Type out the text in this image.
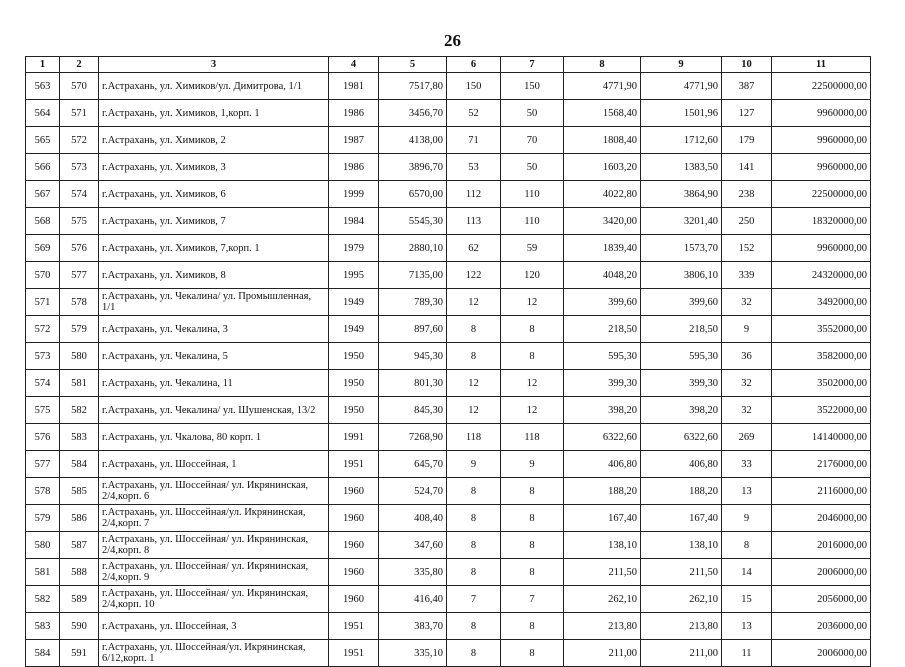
26
1	2	3	4	5	6	7	8	9	10	11
563	570	г.Астрахань, ул. Химиков/ул. Димитрова, 1/1	1981	7517,80	150	150	4771,90	4771,90	387	22500000,00
564	571	г.Астрахань, ул. Химиков, 1,корп. 1	1986	3456,70	52	50	1568,40	1501,96	127	9960000,00
565	572	г.Астрахань, ул. Химиков, 2	1987	4138,00	71	70	1808,40	1712,60	179	9960000,00
566	573	г.Астрахань, ул. Химиков, 3	1986	3896,70	53	50	1603,20	1383,50	141	9960000,00
567	574	г.Астрахань, ул. Химиков, 6	1999	6570,00	112	110	4022,80	3864,90	238	22500000,00
568	575	г.Астрахань, ул. Химиков, 7	1984	5545,30	113	110	3420,00	3201,40	250	18320000,00
569	576	г.Астрахань, ул. Химиков, 7,корп. 1	1979	2880,10	62	59	1839,40	1573,70	152	9960000,00
570	577	г.Астрахань, ул. Химиков, 8	1995	7135,00	122	120	4048,20	3806,10	339	24320000,00
571	578	г.Астрахань, ул. Чекалина/ ул. Промышленная, 1/1	1949	789,30	12	12	399,60	399,60	32	3492000,00
572	579	г.Астрахань, ул. Чекалина, 3	1949	897,60	8	8	218,50	218,50	9	3552000,00
573	580	г.Астрахань, ул. Чекалина, 5	1950	945,30	8	8	595,30	595,30	36	3582000,00
574	581	г.Астрахань, ул. Чекалина, 11	1950	801,30	12	12	399,30	399,30	32	3502000,00
575	582	г.Астрахань, ул. Чекалина/ ул. Шушенская, 13/2	1950	845,30	12	12	398,20	398,20	32	3522000,00
576	583	г.Астрахань, ул. Чкалова, 80 корп. 1	1991	7268,90	118	118	6322,60	6322,60	269	14140000,00
577	584	г.Астрахань, ул. Шоссейная, 1	1951	645,70	9	9	406,80	406,80	33	2176000,00
578	585	г.Астрахань, ул. Шоссейная/ ул. Икрянинская, 2/4,корп. 6	1960	524,70	8	8	188,20	188,20	13	2116000,00
579	586	г.Астрахань, ул. Шоссейная/ул. Икрянинская, 2/4,корп. 7	1960	408,40	8	8	167,40	167,40	9	2046000,00
580	587	г.Астрахань, ул. Шоссейная/ ул. Икрянинская, 2/4,корп. 8	1960	347,60	8	8	138,10	138,10	8	2016000,00
581	588	г.Астрахань, ул. Шоссейная/ ул. Икрянинская, 2/4,корп. 9	1960	335,80	8	8	211,50	211,50	14	2006000,00
582	589	г.Астрахань, ул. Шоссейная/ ул. Икрянинская, 2/4,корп. 10	1960	416,40	7	7	262,10	262,10	15	2056000,00
583	590	г.Астрахань, ул. Шоссейная, 3	1951	383,70	8	8	213,80	213,80	13	2036000,00
584	591	г.Астрахань, ул. Шоссейная/ул. Икрянинская, 6/12,корп. 1	1951	335,10	8	8	211,00	211,00	11	2006000,00
